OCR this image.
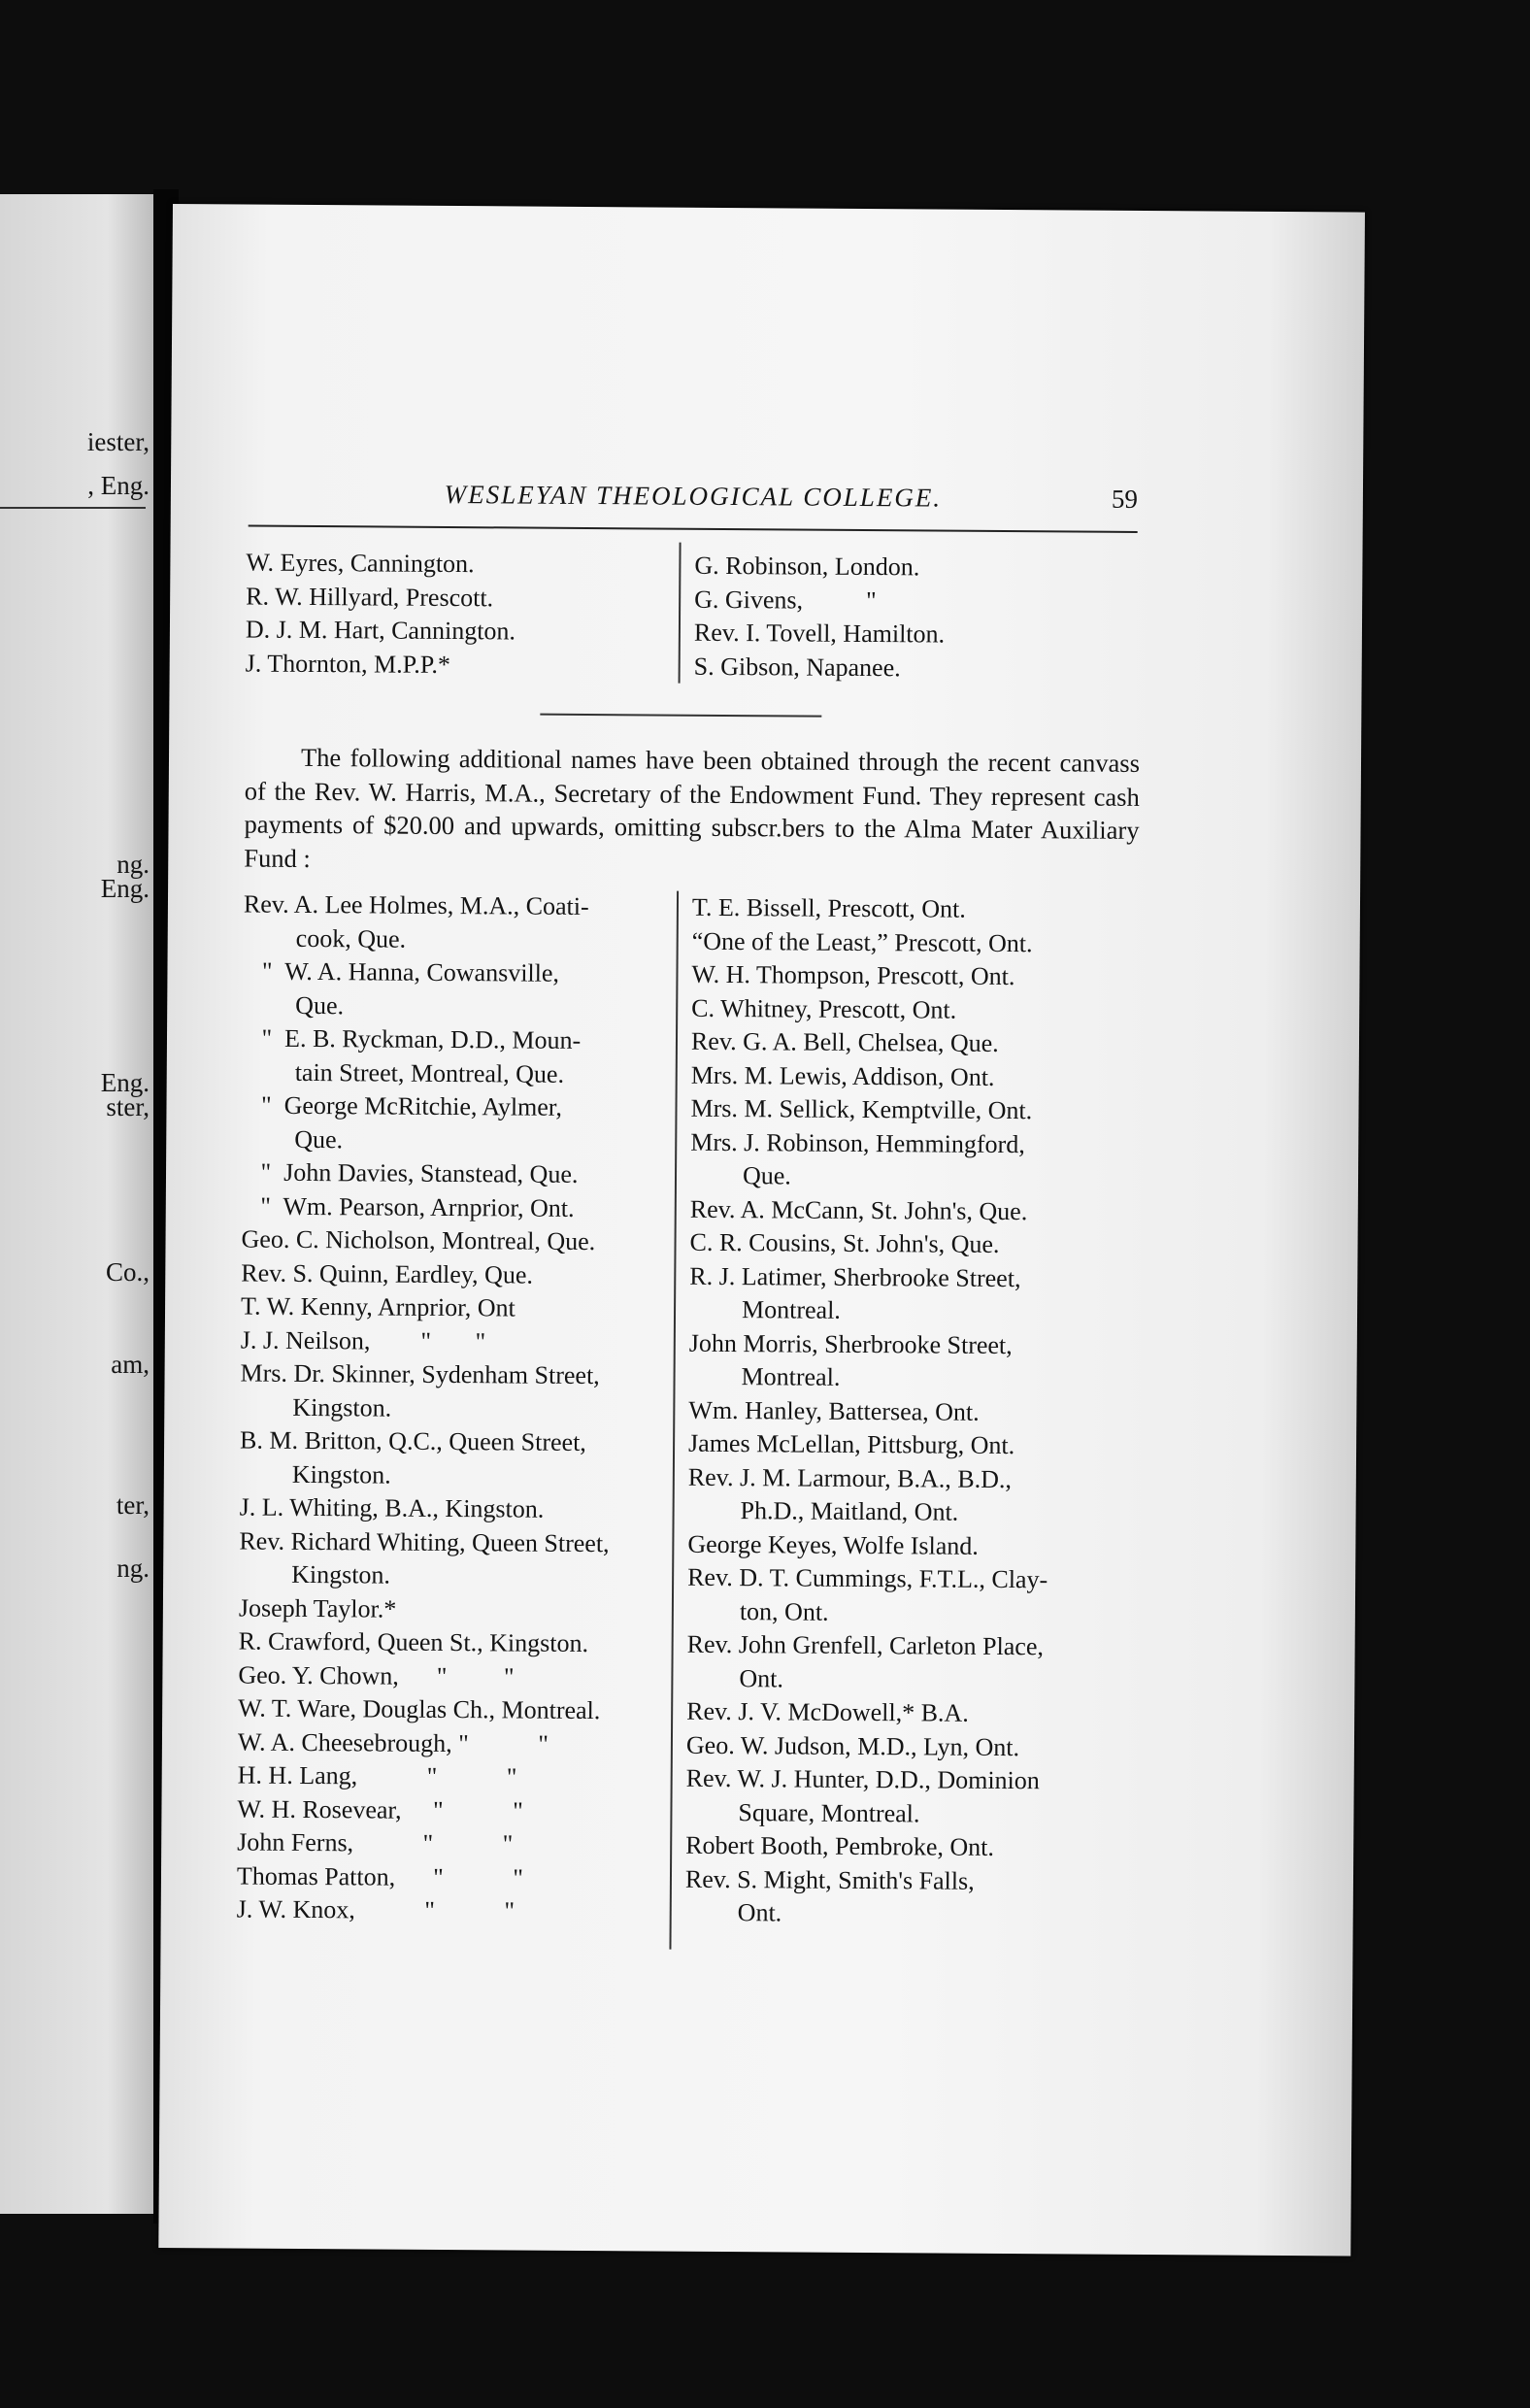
iester,
, Eng.
ng.
Eng.
Eng.
ster,
Co.,
am,
ter,
ng.
WESLEYAN THEOLOGICAL COLLEGE.	59
W. Eyres, Cannington.
R. W. Hillyard, Prescott.
D. J. M. Hart, Cannington.
J. Thornton, M.P.P.*
G. Robinson, London.
G. Givens,          "
Rev. I. Tovell, Hamilton.
S. Gibson, Napanee.

The following additional names have been obtained through the recent canvass of the Rev. W. Harris, M.A., Secretary of the Endowment Fund. They represent cash payments of $20.00 and upwards, omitting subscr.bers to the Alma Mater Auxiliary Fund :

Rev. A. Lee Holmes, M.A., Coati-
cook, Que.
"  W. A. Hanna, Cowansville,
Que.
"  E. B. Ryckman, D.D., Moun-
tain Street, Montreal, Que.
"  George McRitchie, Aylmer,
Que.
"  John Davies, Stanstead, Que.
"  Wm. Pearson, Arnprior, Ont.
Geo. C. Nicholson, Montreal, Que.
Rev. S. Quinn, Eardley, Que.
T. W. Kenny, Arnprior, Ont
J. J. Neilson,        "       "
Mrs. Dr. Skinner, Sydenham Street,
Kingston.
B. M. Britton, Q.C., Queen Street,
Kingston.
J. L. Whiting, B.A., Kingston.
Rev. Richard Whiting, Queen Street,
Kingston.
Joseph Taylor.*
R. Crawford, Queen St., Kingston.
Geo. Y. Chown,      "         "
W. T. Ware, Douglas Ch., Montreal.
W. A. Cheesebrough, "           "
H. H. Lang,           "           "
W. H. Rosevear,     "           "
John Ferns,           "           "
Thomas Patton,      "           "
J. W. Knox,           "           "
T. E. Bissell, Prescott, Ont.
“One of the Least,” Prescott, Ont.
W. H. Thompson, Prescott, Ont.
C. Whitney, Prescott, Ont.
Rev. G. A. Bell, Chelsea, Que.
Mrs. M. Lewis, Addison, Ont.
Mrs. M. Sellick, Kemptville, Ont.
Mrs. J. Robinson, Hemmingford,
Que.
Rev. A. McCann, St. John's, Que.
C. R. Cousins, St. John's, Que.
R. J. Latimer, Sherbrooke Street,
Montreal.
John Morris, Sherbrooke Street,
Montreal.
Wm. Hanley, Battersea, Ont.
James McLellan, Pittsburg, Ont.
Rev. J. M. Larmour, B.A., B.D.,
Ph.D., Maitland, Ont.
George Keyes, Wolfe Island.
Rev. D. T. Cummings, F.T.L., Clay-
ton, Ont.
Rev. John Grenfell, Carleton Place,
Ont.
Rev. J. V. McDowell,* B.A.
Geo. W. Judson, M.D., Lyn, Ont.
Rev. W. J. Hunter, D.D., Dominion
Square, Montreal.
Robert Booth, Pembroke, Ont.
Rev. S. Might, Smith's Falls,
Ont.
